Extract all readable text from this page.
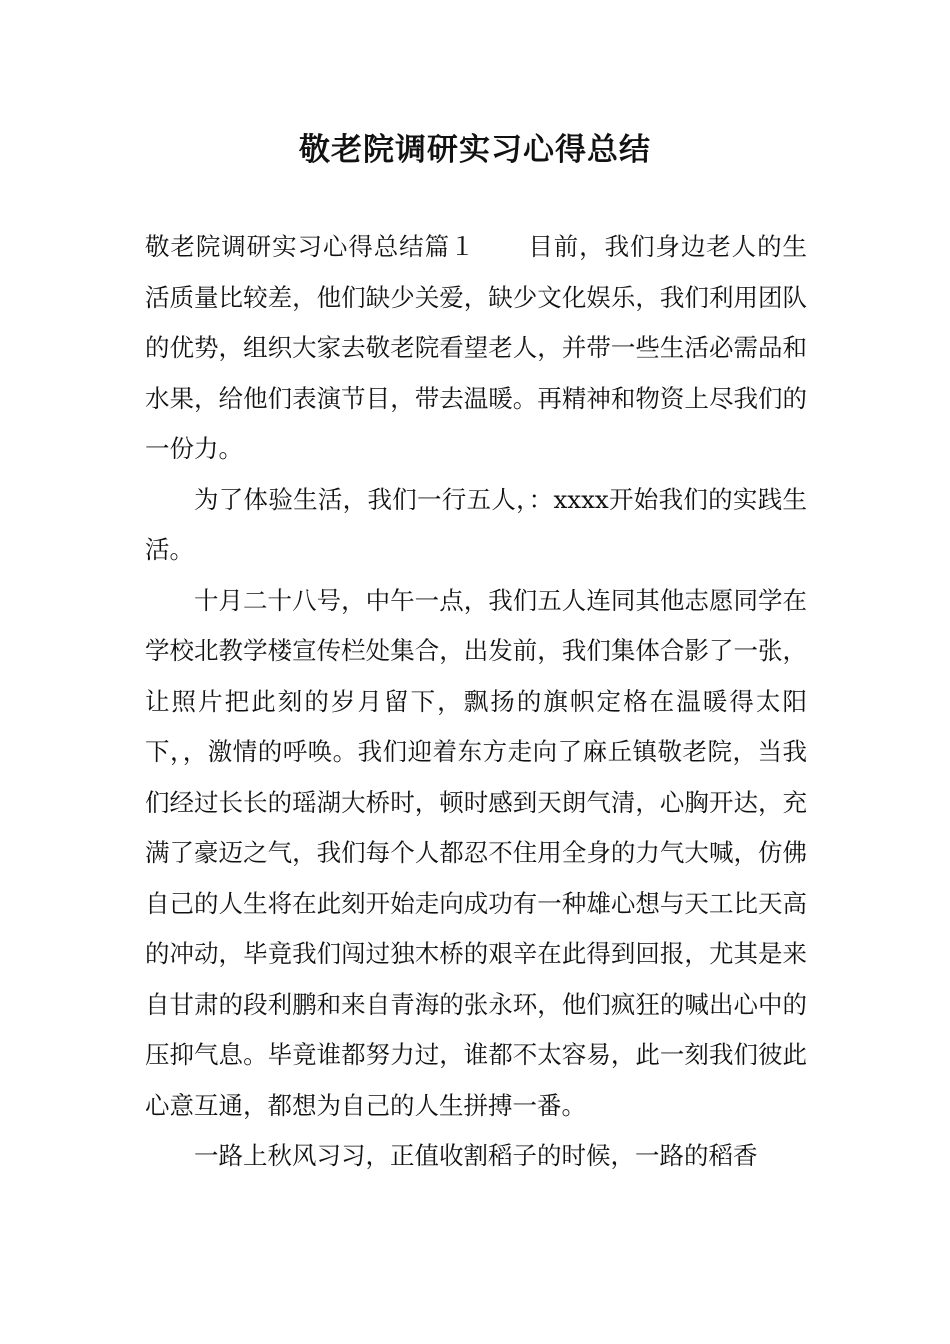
敬老院调研实习心得总结

敬老院调研实习心得总结篇１ 目前，我们身边老人的生活质量比较差，他们缺少关爱，缺少文化娱乐，我们利用团队的优势，组织大家去敬老院看望老人，并带一些生活必需品和水果，给他们表演节目，带去温暖。再精神和物资上尽我们的一份力。

为了体验生活，我们一行五人，：xxxx开始我们的实践生活。

十月二十八号，中午一点，我们五人连同其他志愿同学在学校北教学楼宣传栏处集合，出发前，我们集体合影了一张，让照片把此刻的岁月留下，飘扬的旗帜定格在温暖得太阳下，，激情的呼唤。我们迎着东方走向了麻丘镇敬老院，当我们经过长长的瑶湖大桥时，顿时感到天朗气清，心胸开达，充满了豪迈之气，我们每个人都忍不住用全身的力气大喊，仿佛自己的人生将在此刻开始走向成功有一种雄心想与天工比天高的冲动，毕竟我们闯过独木桥的艰辛在此得到回报，尤其是来自甘肃的段利鹏和来自青海的张永环，他们疯狂的喊出心中的压抑气息。毕竟谁都努力过，谁都不太容易，此一刻我们彼此心意互通，都想为自己的人生拼搏一番。

一路上秋风习习，正值收割稻子的时候，一路的稻香
